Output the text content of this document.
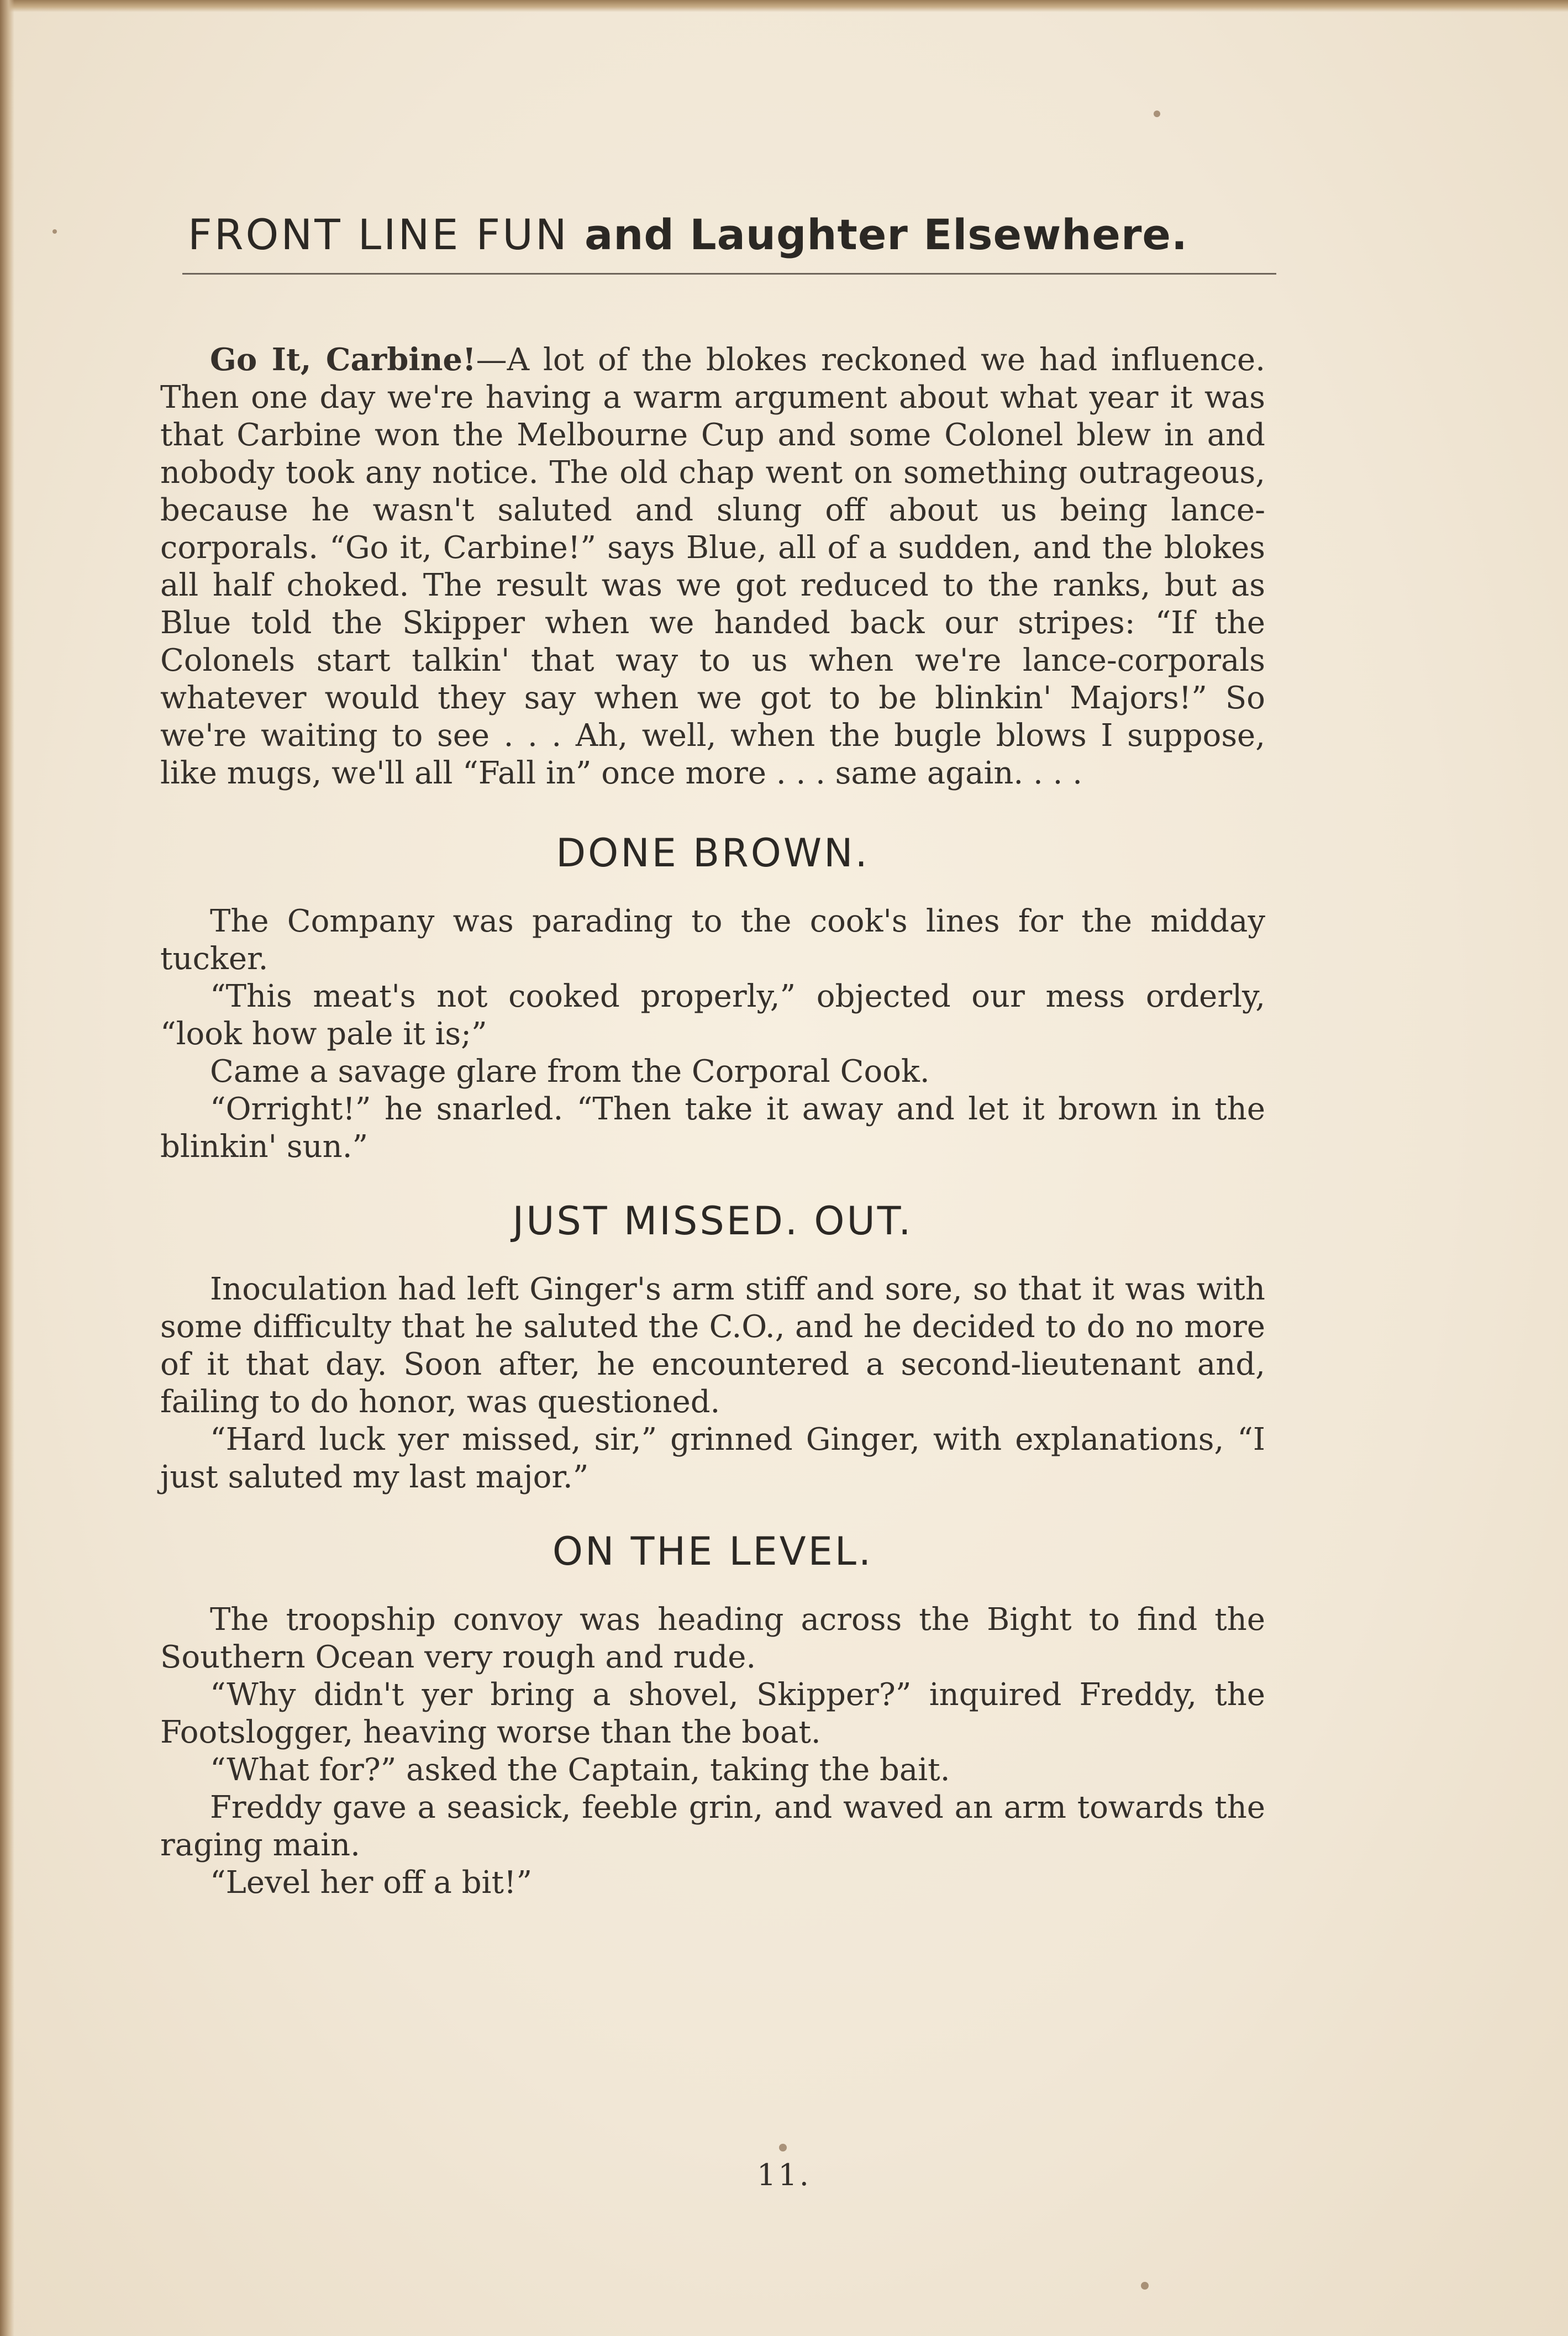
FRONT LINE FUN and Laughter Elsewhere.

Go It, Carbine!—A lot of the blokes reckoned we had influence. Then one day we're having a warm argument about what year it was that Carbine won the Melbourne Cup and some Colonel blew in and nobody took any notice. The old chap went on something outrageous, because he wasn't saluted and slung off about us being lance-corporals. “Go it, Carbine!” says Blue, all of a sudden, and the blokes all half choked. The result was we got reduced to the ranks, but as Blue told the Skipper when we handed back our stripes: “If the Colonels start talkin' that way to us when we're lance-corporals whatever would they say when we got to be blinkin' Majors!” So we're waiting to see . . . Ah, well, when the bugle blows I suppose, like mugs, we'll all “Fall in” once more . . . same again. . . .

DONE BROWN.

The Company was parading to the cook's lines for the midday tucker.

“This meat's not cooked properly,” objected our mess orderly, “look how pale it is;”

Came a savage glare from the Corporal Cook.

“Orright!” he snarled. “Then take it away and let it brown in the blinkin' sun.”

JUST MISSED. OUT.

Inoculation had left Ginger's arm stiff and sore, so that it was with some difficulty that he saluted the C.O., and he decided to do no more of it that day. Soon after, he encountered a second-lieutenant and, failing to do honor, was questioned.

“Hard luck yer missed, sir,” grinned Ginger, with explanations, “I just saluted my last major.”

ON THE LEVEL.

The troopship convoy was heading across the Bight to find the Southern Ocean very rough and rude.

“Why didn't yer bring a shovel, Skipper?” inquired Freddy, the Footslogger, heaving worse than the boat.

“What for?” asked the Captain, taking the bait.

Freddy gave a seasick, feeble grin, and waved an arm towards the raging main.

“Level her off a bit!”

11.
